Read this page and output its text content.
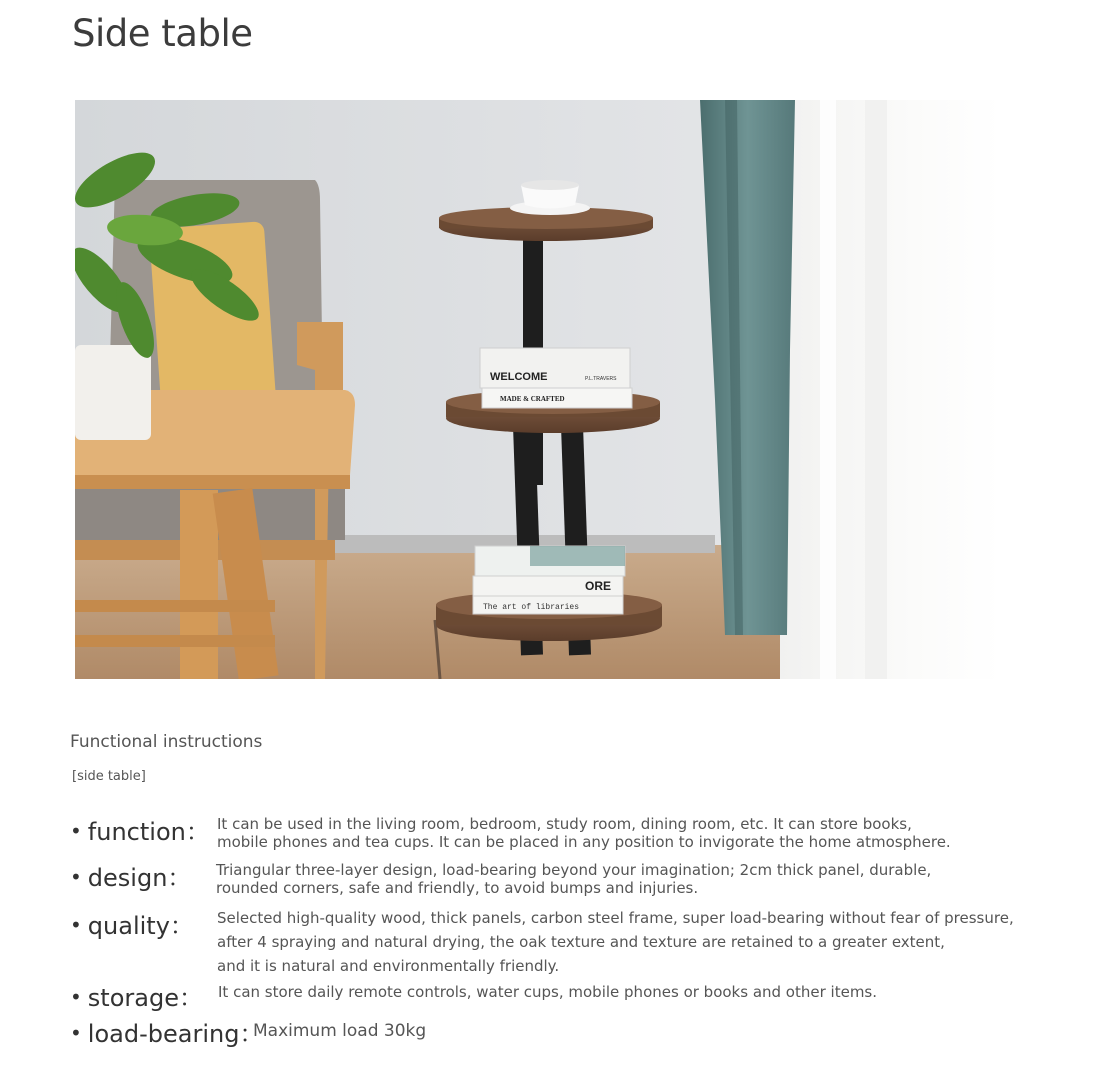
Side table
WELCOME	P.L.TRAVERS
MADE & CRAFTED
ORE
The art of libraries
Functional instructions
[side table]
• function： It can be used in the living room, bedroom, study room, dining room, etc. It can store books,
mobile phones and tea cups. It can be placed in any position to invigorate the home atmosphere.
• design： Triangular three-layer design, load-bearing beyond your imagination; 2cm thick panel, durable,
rounded corners, safe and friendly, to avoid bumps and injuries.
• quality： Selected high-quality wood, thick panels, carbon steel frame, super load-bearing without fear of pressure,
after 4 spraying and natural drying, the oak texture and texture are retained to a greater extent,
and it is natural and environmentally friendly.
• storage： It can store daily remote controls, water cups, mobile phones or books and other items.
• load-bearing：
Maximum load 30kg
